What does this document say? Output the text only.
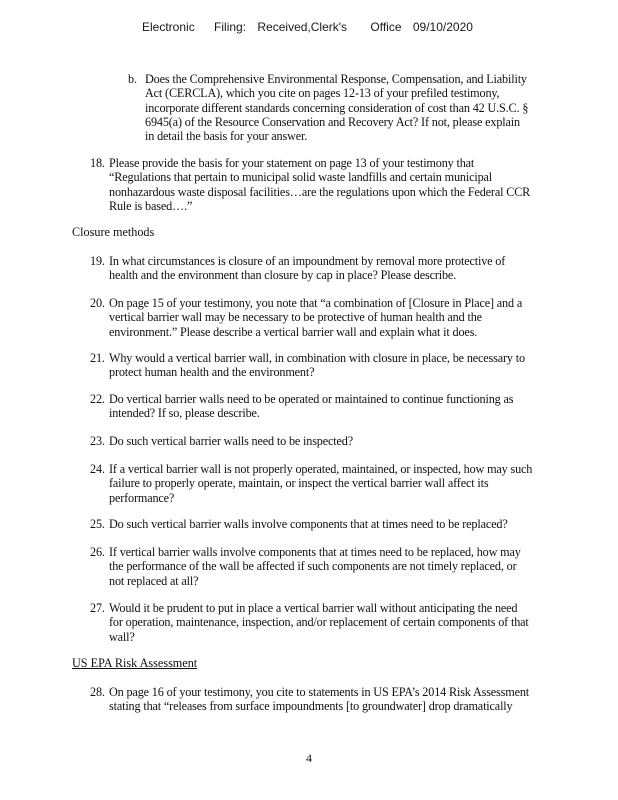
Electronic Filing: Received,Clerk's Office 09/10/2020
b. Does the Comprehensive Environmental Response, Compensation, and Liability
Act (CERCLA), which you cite on pages 12-13 of your prefiled testimony,
incorporate different standards concerning consideration of cost than 42 U.S.C. §
6945(a) of the Resource Conservation and Recovery Act? If not, please explain
in detail the basis for your answer.
18. Please provide the basis for your statement on page 13 of your testimony that
“Regulations that pertain to municipal solid waste landfills and certain municipal
nonhazardous waste disposal facilities…are the regulations upon which the Federal CCR
Rule is based….”
Closure methods
19. In what circumstances is closure of an impoundment by removal more protective of
health and the environment than closure by cap in place? Please describe.
20. On page 15 of your testimony, you note that “a combination of [Closure in Place] and a
vertical barrier wall may be necessary to be protective of human health and the
environment.” Please describe a vertical barrier wall and explain what it does.
21. Why would a vertical barrier wall, in combination with closure in place, be necessary to
protect human health and the environment?
22. Do vertical barrier walls need to be operated or maintained to continue functioning as
intended? If so, please describe.
23. Do such vertical barrier walls need to be inspected?
24. If a vertical barrier wall is not properly operated, maintained, or inspected, how may such
failure to properly operate, maintain, or inspect the vertical barrier wall affect its
performance?
25. Do such vertical barrier walls involve components that at times need to be replaced?
26. If vertical barrier walls involve components that at times need to be replaced, how may
the performance of the wall be affected if such components are not timely replaced, or
not replaced at all?
27. Would it be prudent to put in place a vertical barrier wall without anticipating the need
for operation, maintenance, inspection, and/or replacement of certain components of that
wall?
US EPA Risk Assessment
28. On page 16 of your testimony, you cite to statements in US EPA’s 2014 Risk Assessment
stating that “releases from surface impoundments [to groundwater] drop dramatically
4
